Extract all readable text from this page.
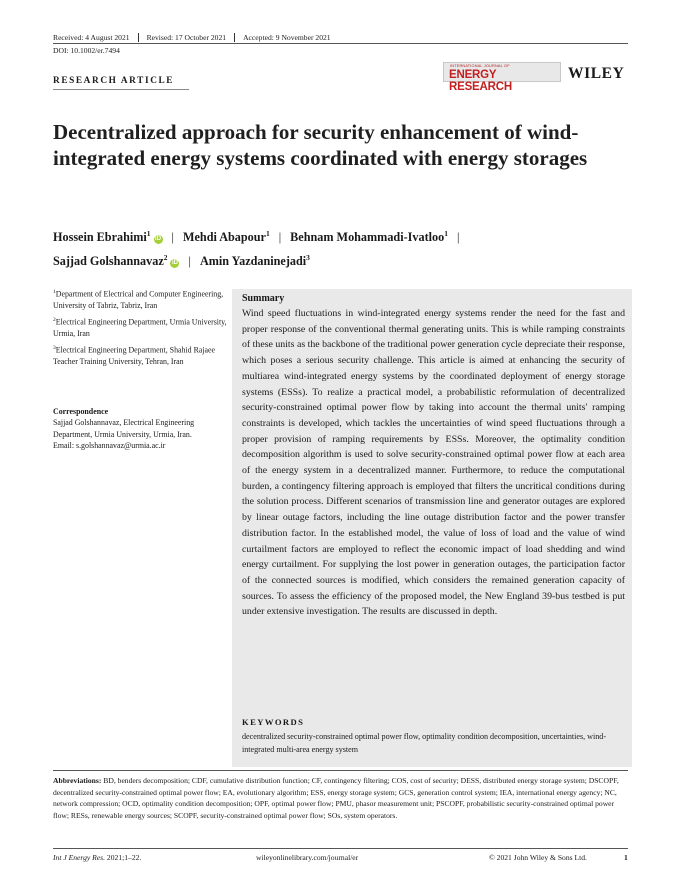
Received: 4 August 2021 Revised: 17 October 2021 Accepted: 9 November 2021
DOI: 10.1002/er.7494
RESEARCH ARTICLE
INTERNATIONAL JOURNAL OF
ENERGY RESEARCH
WILEY
Decentralized approach for security enhancement of wind-integrated energy systems coordinated with energy storages
Hossein Ebrahimi$^1$iD | Mehdi Abapour$^1$ | Behnam Mohammadi-Ivatloo$^1$ |
Sajjad Golshannavaz$^2$iD | Amin Yazdaninejadi$^3$

$^1$Department of Electrical and Computer Engineering, University of Tabriz, Tabriz, Iran

$^2$Electrical Engineering Department, Urmia University, Urmia, Iran

$^3$Electrical Engineering Department, Shahid Rajaee Teacher Training University, Tehran, Iran

Correspondence
Sajjad Golshannavaz, Electrical Engineering Department, Urmia University, Urmia, Iran.
Email: s.golshannavaz@urmia.ac.ir
Summary
Wind speed fluctuations in wind-integrated energy systems render the need for the fast and proper response of the conventional thermal generating units. This is while ramping constraints of these units as the backbone of the traditional power generation cycle depreciate their response, which poses a serious security challenge. This article is aimed at enhancing the security of multiarea wind-integrated energy systems by the coordinated deployment of energy storage systems (ESSs). To realize a practical model, a probabilistic reformulation of decentralized security-constrained optimal power flow by taking into account the thermal units' ramping constraints is developed, which tackles the uncertainties of wind speed fluctuations through a proper provision of ramping requirements by ESSs. Moreover, the optimality condition decomposition algorithm is used to solve security-constrained optimal power flow at each area of the energy system in a decentralized manner. Furthermore, to reduce the computational burden, a contingency filtering approach is employed that filters the uncritical conditions during the solution process. Different scenarios of transmission line and generator outages are explored by linear outage factors, including the line outage distribution factor and the power transfer distribution factor. In the established model, the value of loss of load and the value of wind curtailment factors are employed to reflect the economic impact of load shedding and wind energy curtailment. For supplying the lost power in generation outages, the participation factor of the connected sources is modified, which considers the remained generation capacity of sources. To assess the efficiency of the proposed model, the New England 39-bus testbed is put under extensive investigation. The results are discussed in depth.
KEYWORDS
decentralized security-constrained optimal power flow, optimality condition decomposition, uncertainties, wind-integrated multi-area energy system
Abbreviations: BD, benders decomposition; CDF, cumulative distribution function; CF, contingency filtering; COS, cost of security; DESS, distributed energy storage system; DSCOPF, decentralized security-constrained optimal power flow; EA, evolutionary algorithm; ESS, energy storage system; GCS, generation control system; IEA, international energy agency; NC, network compression; OCD, optimality condition decomposition; OPF, optimal power flow; PMU, phasor measurement unit; PSCOPF, probabilistic security-constrained optimal power flow; RESs, renewable energy sources; SCOPF, security-constrained optimal power flow; SOs, system operators.
Int J Energy Res. 2021;1–22.	wileyonlinelibrary.com/journal/er	© 2021 John Wiley & Sons Ltd.	1
